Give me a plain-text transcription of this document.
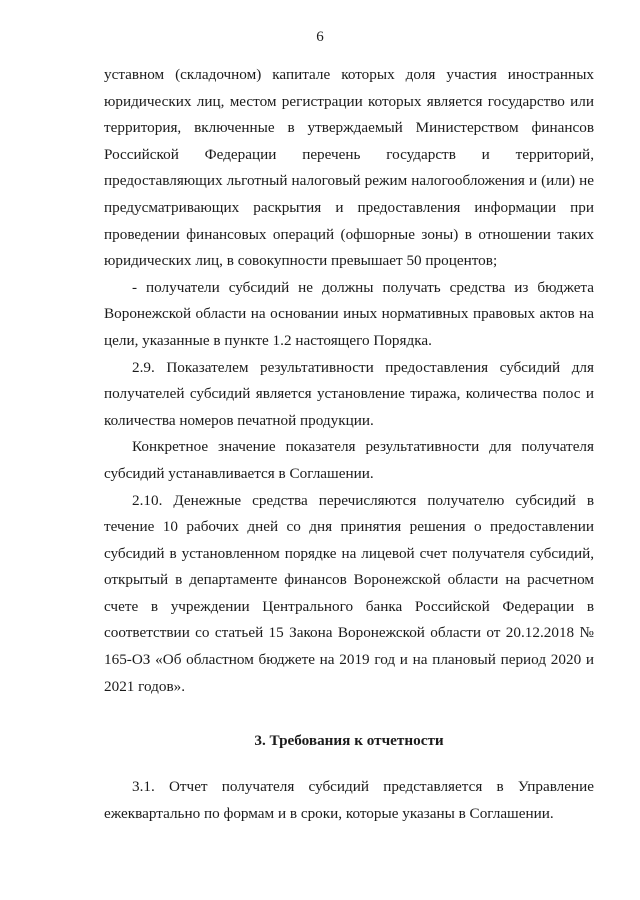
6

уставном (складочном) капитале которых доля участия иностранных юридических лиц, местом регистрации которых является государство или территория, включенные в утверждаемый Министерством финансов Российской Федерации перечень государств и территорий, предоставляющих льготный налоговый режим налогообложения и (или) не предусматривающих раскрытия и предоставления информации при проведении финансовых операций (офшорные зоны) в отношении таких юридических лиц, в совокупности превышает 50 процентов;

- получатели субсидий не должны получать средства из бюджета Воронежской области на основании иных нормативных правовых актов на цели, указанные в пункте 1.2 настоящего Порядка.

2.9. Показателем результативности предоставления субсидий для получателей субсидий является установление тиража, количества полос и количества номеров печатной продукции.

Конкретное значение показателя результативности для получателя субсидий устанавливается в Соглашении.

2.10. Денежные средства перечисляются получателю субсидий в течение 10 рабочих дней со дня принятия решения о предоставлении субсидий в установленном порядке на лицевой счет получателя субсидий, открытый в департаменте финансов Воронежской области на расчетном счете в учреждении Центрального банка Российской Федерации в соответствии со статьей 15 Закона Воронежской области от 20.12.2018 № 165-ОЗ «Об областном бюджете на 2019 год и на плановый период 2020 и 2021 годов».

3. Требования к отчетности

3.1. Отчет получателя субсидий представляется в Управление ежеквартально по формам и в сроки, которые указаны в Соглашении.
